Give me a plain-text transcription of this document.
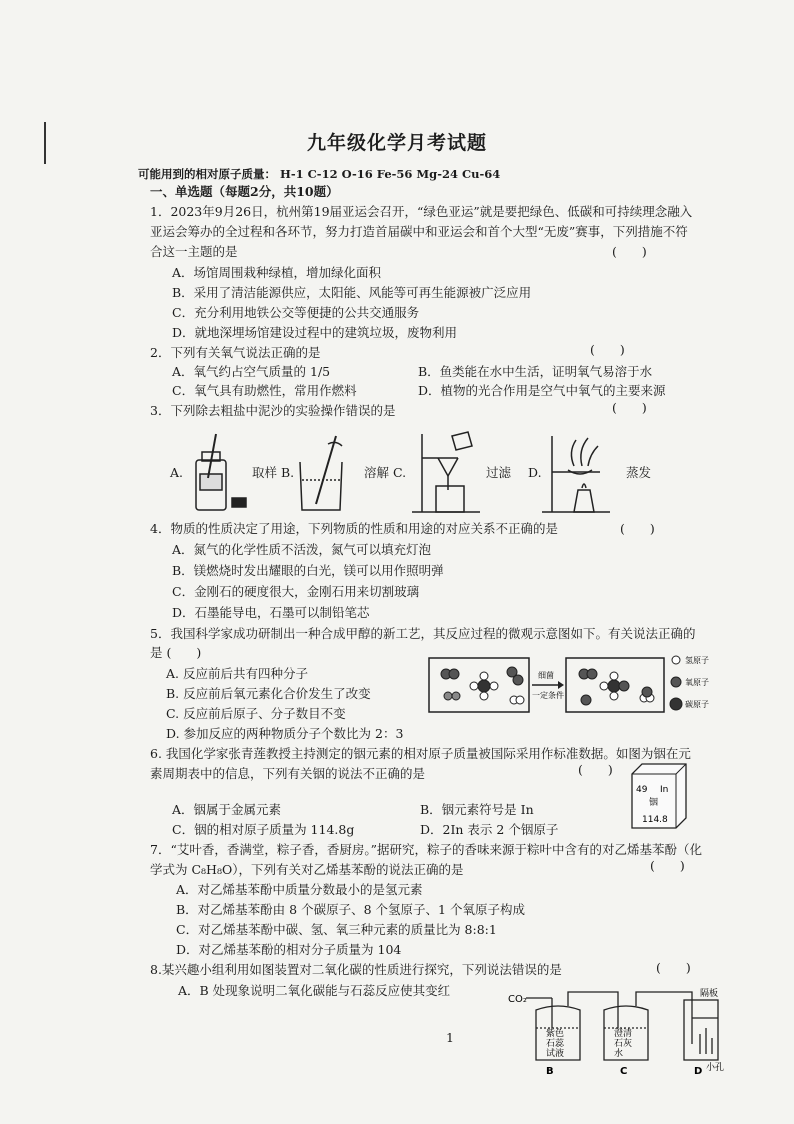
九年级化学月考试题
可能用到的相对原子质量： H-1 C-12 O-16 Fe-56 Mg-24 Cu-64
一、单选题（每题2分，共10题）
1．2023年9月26日，杭州第19届亚运会召开，“绿色亚运”就是要把绿色、低碳和可持续理念融入
亚运会筹办的全过程和各环节，努力打造首届碳中和亚运会和首个大型“无废”赛事，下列措施不符
合这一主题的是	(　　)
A．场馆周围栽种绿植，增加绿化面积
B．采用了清洁能源供应，太阳能、风能等可再生能源被广泛应用
C．充分利用地铁公交等便捷的公共交通服务
D．就地深埋场馆建设过程中的建筑垃圾，废物利用
2．下列有关氧气说法正确的是	(　　)
A．氧气约占空气质量的 1/5	B．鱼类能在水中生活，证明氧气易溶于水
C．氧气具有助燃性，常用作燃料	D．植物的光合作用是空气中氧气的主要来源
3．下列除去粗盐中泥沙的实验操作错误的是	(　　)
A.	取样 B.	溶解 C.	过滤 D.	蒸发
4．物质的性质决定了用途，下列物质的性质和用途的对应关系不正确的是	(　　)
A．氮气的化学性质不活泼，氮气可以填充灯泡
B．镁燃烧时发出耀眼的白光，镁可以用作照明弹
C．金刚石的硬度很大，金刚石用来切割玻璃
D．石墨能导电，石墨可以制铅笔芯
5．我国科学家成功研制出一种合成甲醇的新工艺，其反应过程的微观示意图如下。有关说法正确的
是 (　　)
A. 反应前后共有四种分子
B. 反应前后氧元素化合价发生了改变
C. 反应前后原子、分子数目不变
D. 参加反应的两种物质分子个数比为 2：3
细菌
一定条件
氢原子
氧原子
碳原子
6. 我国化学家张青莲教授主持测定的铟元素的相对原子质量被国际采用作标准数据。如图为铟在元
素周期表中的信息，下列有关铟的说法不正确的是	(　　)
A．铟属于金属元素	B．铟元素符号是 In
C．铟的相对原子质量为 114.8g	D．2In 表示 2 个铟原子
49 In
铟
114.8
7．“艾叶香，香满堂，粽子香，香厨房。”据研究，粽子的香味来源于粽叶中含有的对乙烯基苯酚（化
学式为 C₈H₈O），下列有关对乙烯基苯酚的说法正确的是	(　　)
A．对乙烯基苯酚中质量分数最小的是氢元素
B．对乙烯基苯酚由 8 个碳原子、8 个氢原子、1 个氧原子构成
C．对乙烯基苯酚中碳、氢、氧三种元素的质量比为 8:8:1
D．对乙烯基苯酚的相对分子质量为 104
8.某兴趣小组利用如图装置对二氧化碳的性质进行探究，下列说法错误的是	(　　)
A．B 处现象说明二氧化碳能与石蕊反应使其变红
CO₂
紫色
石蕊
试液
澄清
石灰
水
隔板
小孔
B	C	D
1
